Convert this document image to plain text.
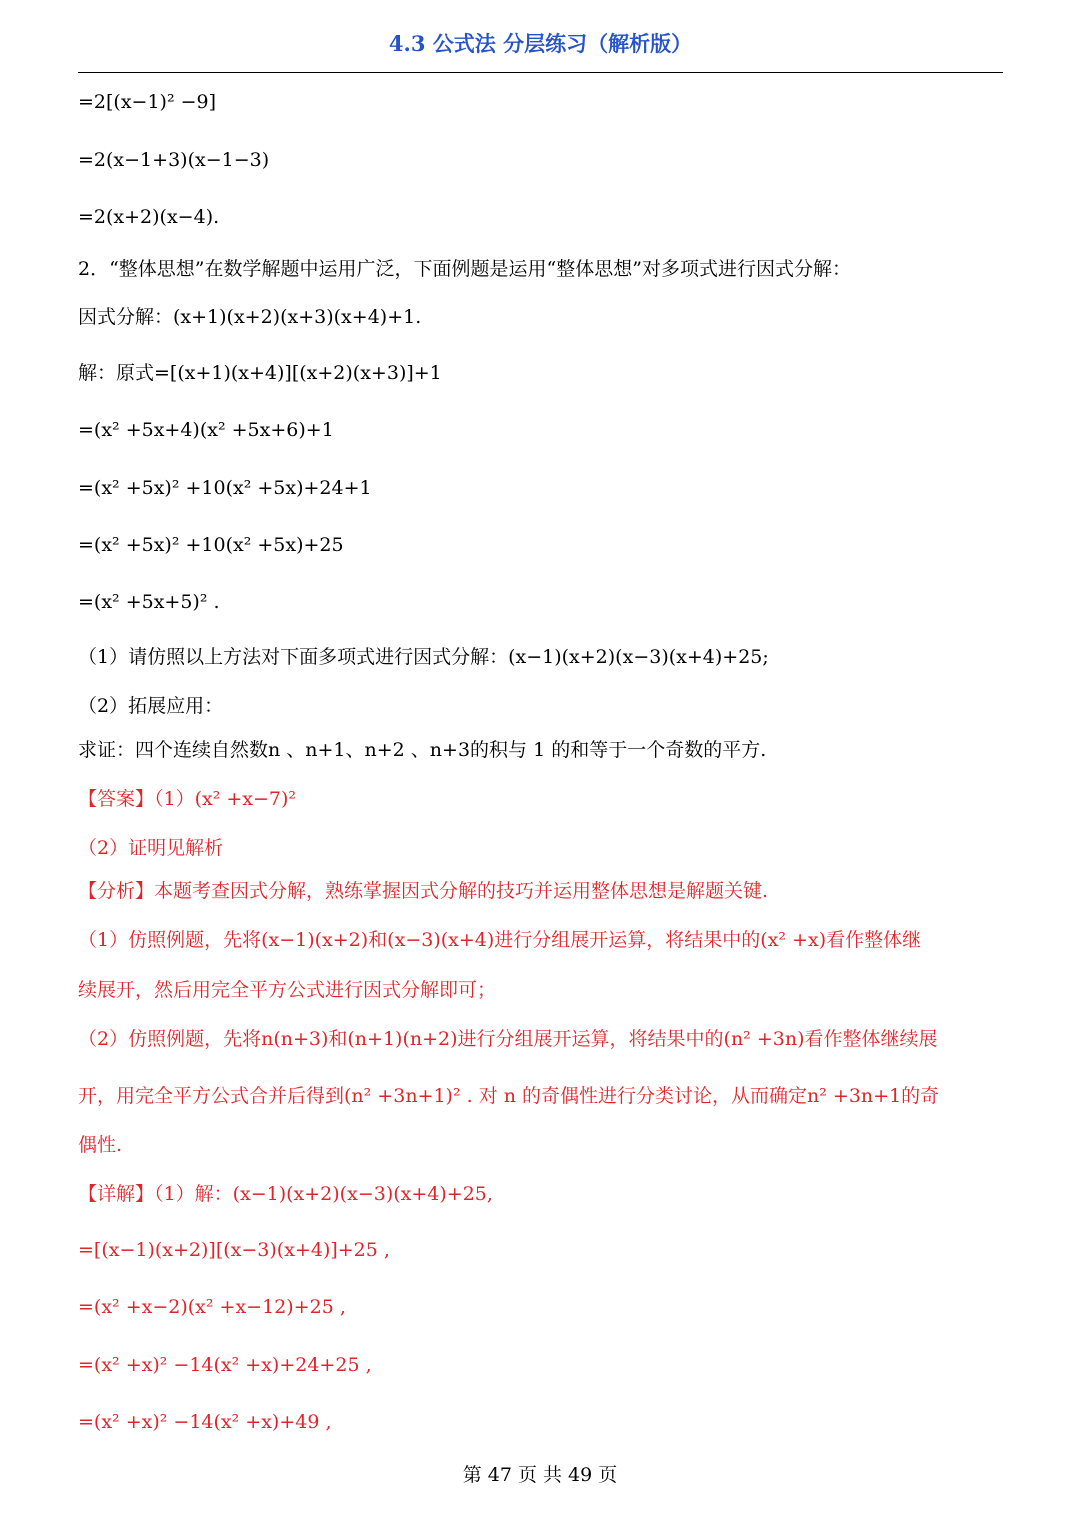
4.3 公式法 分层练习（解析版）
=2[(x−1)² −9]
=2(x−1+3)(x−1−3)
=2(x+2)(x−4).
2．“整体思想”在数学解题中运用广泛，下面例题是运用“整体思想”对多项式进行因式分解：
因式分解：(x+1)(x+2)(x+3)(x+4)+1.
解：原式=[(x+1)(x+4)][(x+2)(x+3)]+1
=(x² +5x+4)(x² +5x+6)+1
=(x² +5x)² +10(x² +5x)+24+1
=(x² +5x)² +10(x² +5x)+25
=(x² +5x+5)² .
（1）请仿照以上方法对下面多项式进行因式分解：(x−1)(x+2)(x−3)(x+4)+25;
（2）拓展应用：
求证：四个连续自然数n 、n+1、n+2 、n+3的积与 1 的和等于一个奇数的平方.
【答案】（1）(x² +x−7)²
（2）证明见解析
【分析】本题考查因式分解，熟练掌握因式分解的技巧并运用整体思想是解题关键.
（1）仿照例题，先将(x−1)(x+2)和(x−3)(x+4)进行分组展开运算，将结果中的(x² +x)看作整体继
续展开，然后用完全平方公式进行因式分解即可；
（2）仿照例题，先将n(n+3)和(n+1)(n+2)进行分组展开运算，将结果中的(n² +3n)看作整体继续展
开，用完全平方公式合并后得到(n² +3n+1)² . 对 n 的奇偶性进行分类讨论，从而确定n² +3n+1的奇
偶性.
【详解】（1）解：(x−1)(x+2)(x−3)(x+4)+25,
=[(x−1)(x+2)][(x−3)(x+4)]+25 ,
=(x² +x−2)(x² +x−12)+25 ,
=(x² +x)² −14(x² +x)+24+25 ,
=(x² +x)² −14(x² +x)+49 ,
第 47 页 共 49 页
